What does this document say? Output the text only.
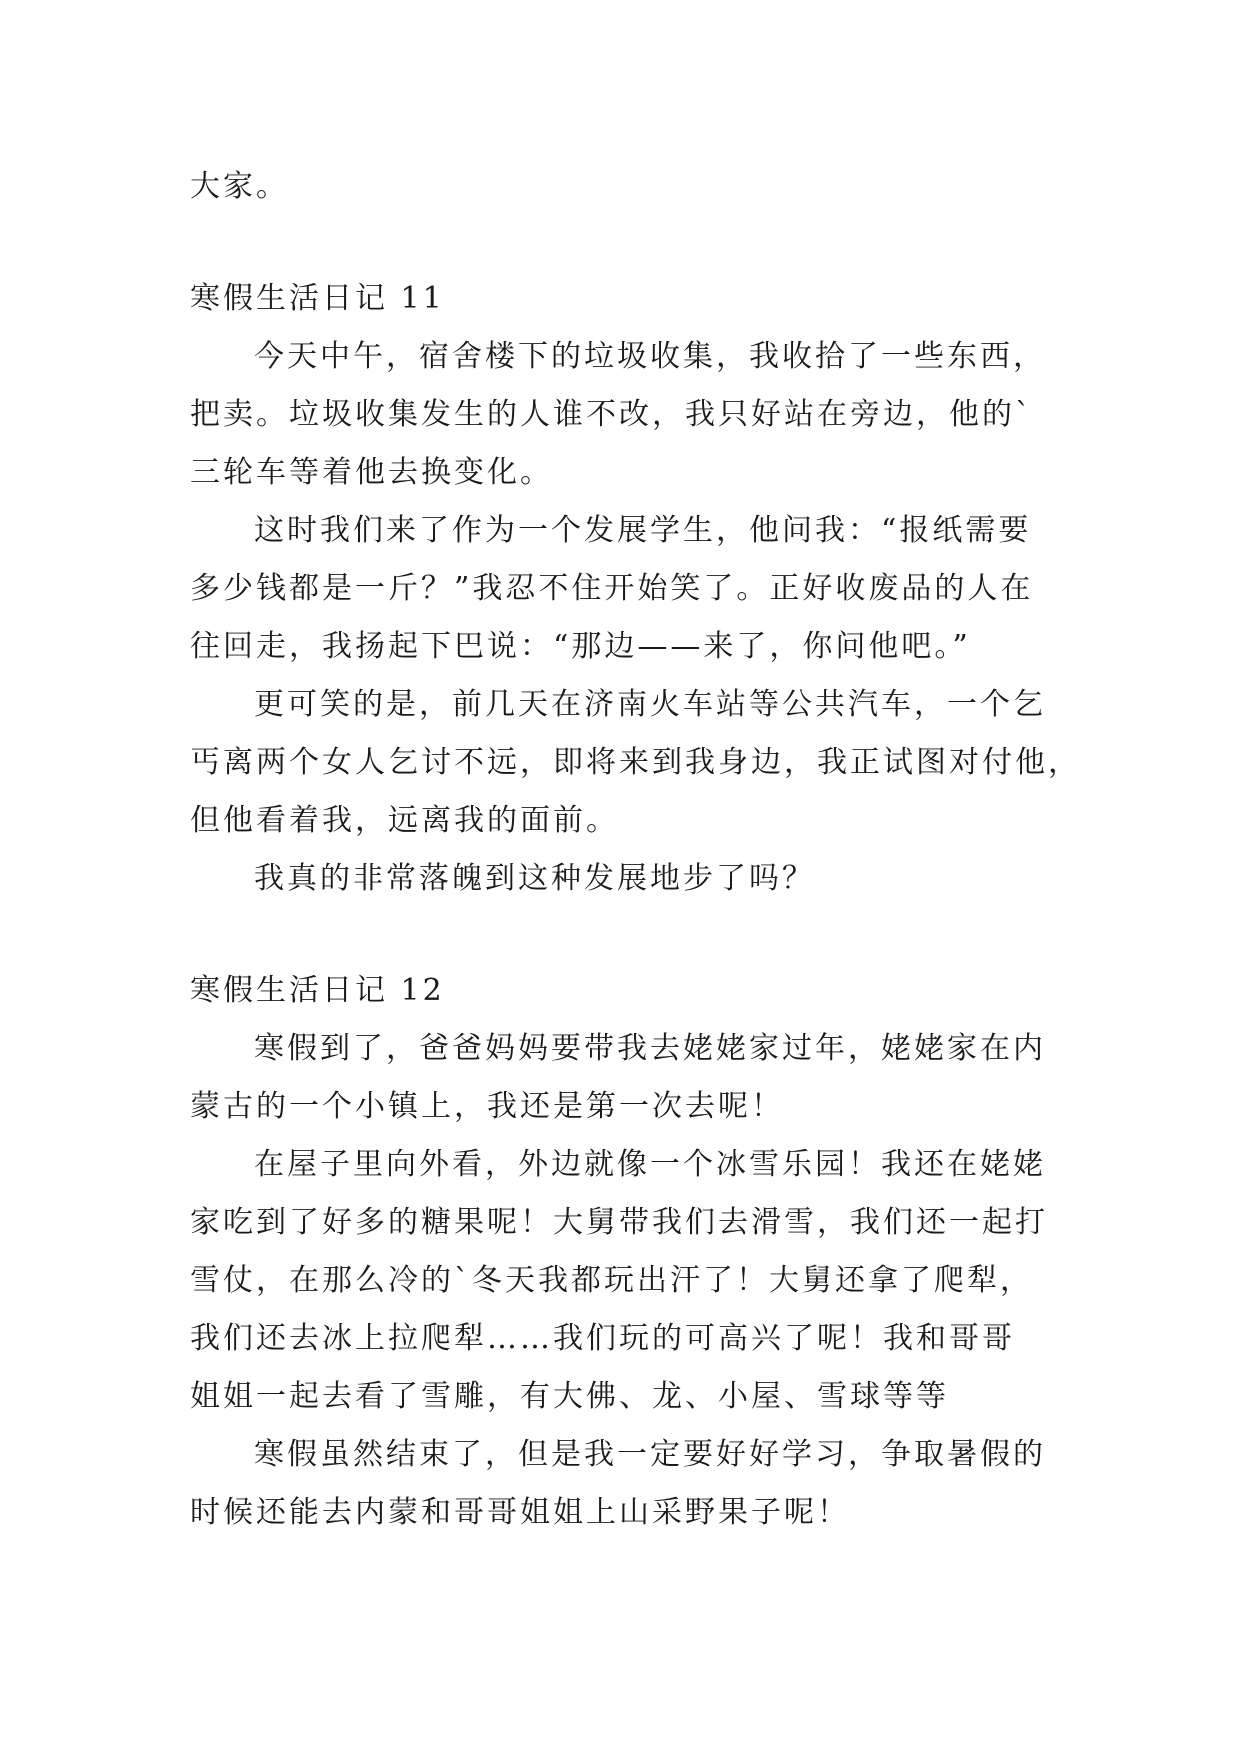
大家。
寒假生活日记 11

今天中午，宿舍楼下的垃圾收集，我收拾了一些东西，
把卖。垃圾收集发生的人谁不改，我只好站在旁边，他的`
三轮车等着他去换变化。

这时我们来了作为一个发展学生，他问我：“报纸需要
多少钱都是一斤？”我忍不住开始笑了。正好收废品的人在
往回走，我扬起下巴说：“那边——来了，你问他吧。”

更可笑的是，前几天在济南火车站等公共汽车，一个乞
丐离两个女人乞讨不远，即将来到我身边，我正试图对付他，
但他看着我，远离我的面前。

我真的非常落魄到这种发展地步了吗？

寒假生活日记 12

寒假到了，爸爸妈妈要带我去姥姥家过年，姥姥家在内
蒙古的一个小镇上，我还是第一次去呢！

在屋子里向外看，外边就像一个冰雪乐园！我还在姥姥
家吃到了好多的糖果呢！大舅带我们去滑雪，我们还一起打
雪仗，在那么冷的`冬天我都玩出汗了！大舅还拿了爬犁，
我们还去冰上拉爬犁……我们玩的可高兴了呢！我和哥哥
姐姐一起去看了雪雕，有大佛、龙、小屋、雪球等等

寒假虽然结束了，但是我一定要好好学习，争取暑假的
时候还能去内蒙和哥哥姐姐上山采野果子呢！
